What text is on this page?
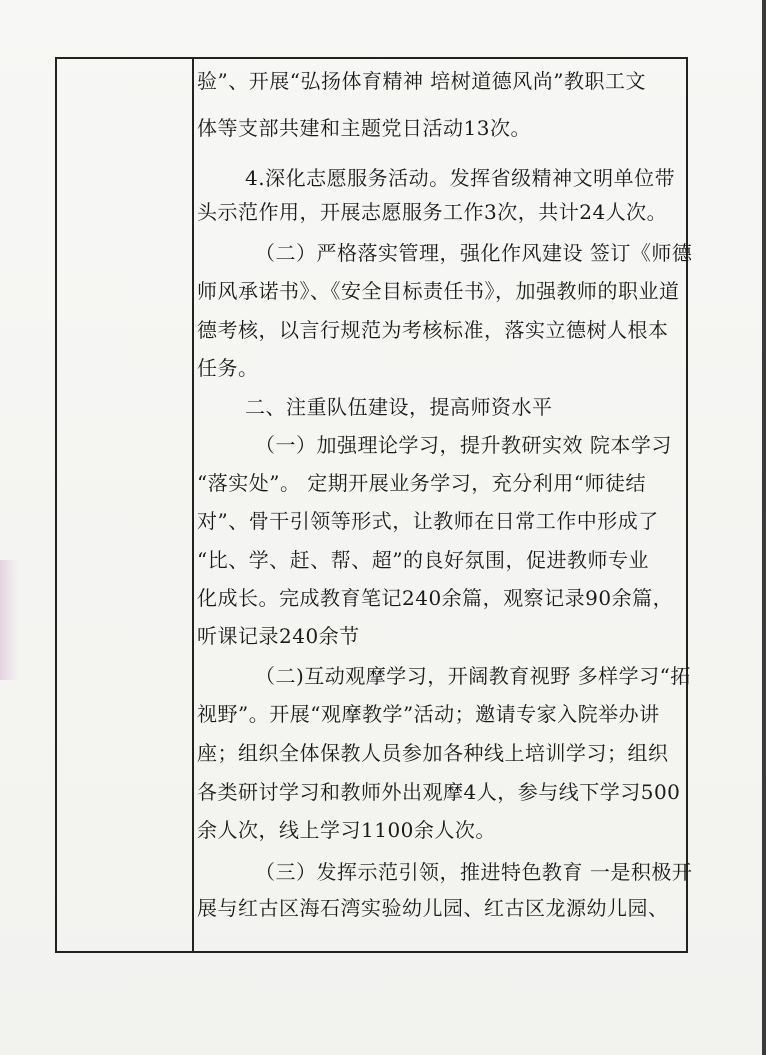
验”、开展“弘扬体育精神 培树道德风尚”教职工文
体等支部共建和主题党日活动13次。
4.深化志愿服务活动。发挥省级精神文明单位带
头示范作用，开展志愿服务工作3次，共计24人次。
（二）严格落实管理，强化作风建设 签订《师德
师风承诺书》、《安全目标责任书》，加强教师的职业道
德考核，以言行规范为考核标准，落实立德树人根本
任务。
二、注重队伍建设，提高师资水平
（一）加强理论学习，提升教研实效 院本学习
“落实处”。 定期开展业务学习，充分利用“师徒结
对”、骨干引领等形式，让教师在日常工作中形成了
“比、学、赶、帮、超”的良好氛围，促进教师专业
化成长。完成教育笔记240余篇，观察记录90余篇，
听课记录240余节
（二)互动观摩学习，开阔教育视野 多样学习“拓
视野”。开展“观摩教学”活动；邀请专家入院举办讲
座；组织全体保教人员参加各种线上培训学习；组织
各类研讨学习和教师外出观摩4人，参与线下学习500
余人次，线上学习1100余人次。
（三）发挥示范引领，推进特色教育 一是积极开
展与红古区海石湾实验幼儿园、红古区龙源幼儿园、
